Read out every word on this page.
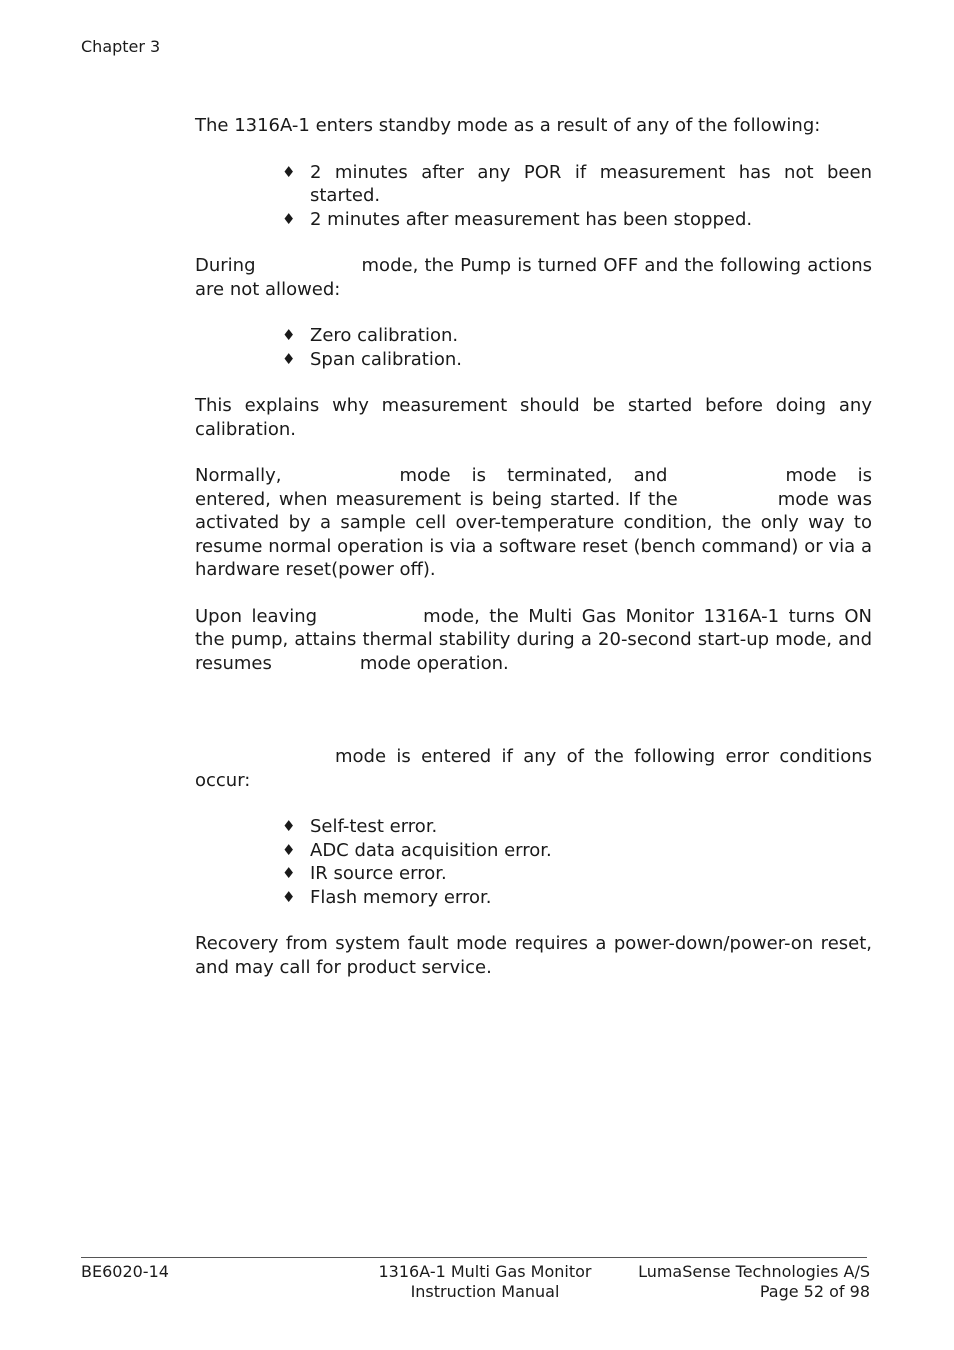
Chapter 3

The 1316A-1 enters standby mode as a result of any of the following:

♦ 2 minutes after any POR if measurement has not been started.
♦ 2 minutes after measurement has been stopped.

During	mode, the Pump is turned OFF and the following actions are not allowed:

♦ Zero calibration.
♦ Span calibration.

This explains why measurement should be started before doing any calibration.

Normally,	mode is terminated, and	mode is entered, when measurement is being started. If the	mode was activated by a sample cell over-temperature condition, the only way to resume normal operation is via a software reset (bench command) or via a hardware reset(power off).

Upon leaving	mode, the Multi Gas Monitor 1316A-1 turns ON the pump, attains thermal stability during a 20-second start-up mode, and resumes	mode operation.

mode is entered if any of the following error conditions occur:

♦ Self-test error.
♦ ADC data acquisition error.
♦ IR source error.
♦ Flash memory error.

Recovery from system fault mode requires a power-down/power-on reset, and may call for product service.

BE6020-14	1316A-1 Multi Gas Monitor
Instruction Manual
LumaSense Technologies A/S
Page 52 of 98
